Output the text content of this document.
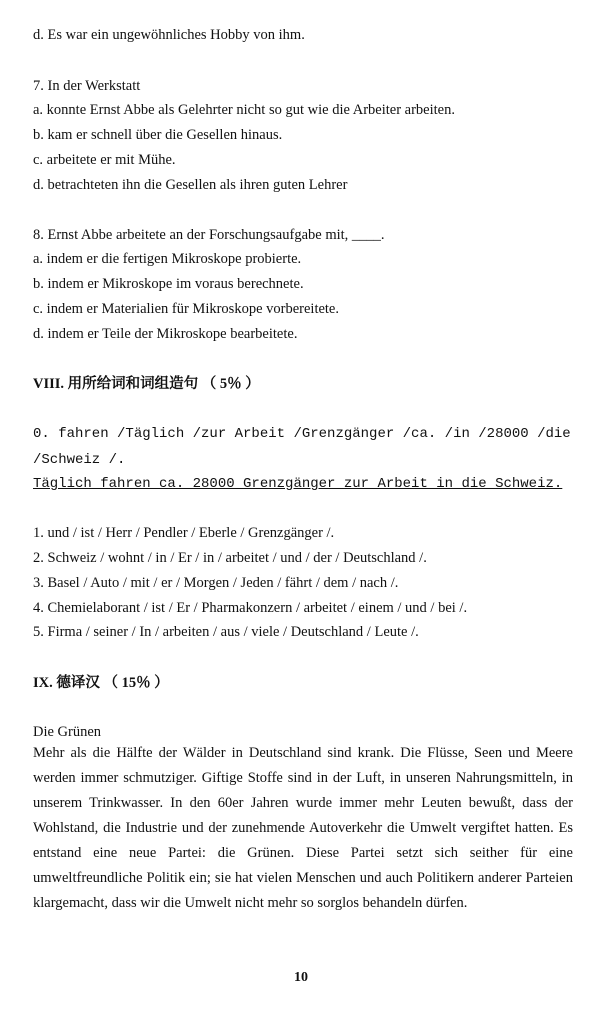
d. Es war ein ungewöhnliches Hobby von ihm.
7. In der Werkstatt
a. konnte Ernst Abbe als Gelehrter nicht so gut wie die Arbeiter arbeiten.
b. kam er schnell über die Gesellen hinaus.
c. arbeitete er mit Mühe.
d. betrachteten ihn die Gesellen als ihren guten Lehrer
8. Ernst Abbe arbeitete an der Forschungsaufgabe mit, ____.
a. indem er die fertigen Mikroskope probierte.
b. indem er Mikroskope im voraus berechnete.
c. indem er Materialien für Mikroskope vorbereitete.
d. indem er Teile der Mikroskope bearbeitete.
VIII. 用所给词和词组造句 （ 5％ ）
0. fahren /Täglich /zur Arbeit /Grenzgänger /ca. /in /28000 /die
/Schweiz /.
Täglich fahren ca. 28000 Grenzgänger zur Arbeit in die Schweiz.
1. und / ist / Herr / Pendler / Eberle / Grenzgänger /.
2. Schweiz / wohnt / in / Er / in / arbeitet / und / der / Deutschland /.
3. Basel / Auto / mit / er / Morgen / Jeden / fährt / dem / nach /.
4. Chemielaborant / ist / Er / Pharmakonzern / arbeitet / einem / und / bei /.
5. Firma / seiner / In / arbeiten / aus / viele / Deutschland / Leute /.
IX. 德译汉 （ 15％ ）
Die Grünen
Mehr als die Hälfte der Wälder in Deutschland sind krank. Die Flüsse, Seen und Meere werden immer schmutziger. Giftige Stoffe sind in der Luft, in unseren Nahrungsmitteln, in unserem Trinkwasser. In den 60er Jahren wurde immer mehr Leuten bewußt, dass der Wohlstand, die Industrie und der zunehmende Autoverkehr die Umwelt vergiftet hatten. Es entstand eine neue Partei: die Grünen. Diese Partei setzt sich seither für eine umweltfreundliche Politik ein; sie hat vielen Menschen und auch Politikern anderer Parteien klargemacht, dass wir die Umwelt nicht mehr so sorglos behandeln dürfen.
10
